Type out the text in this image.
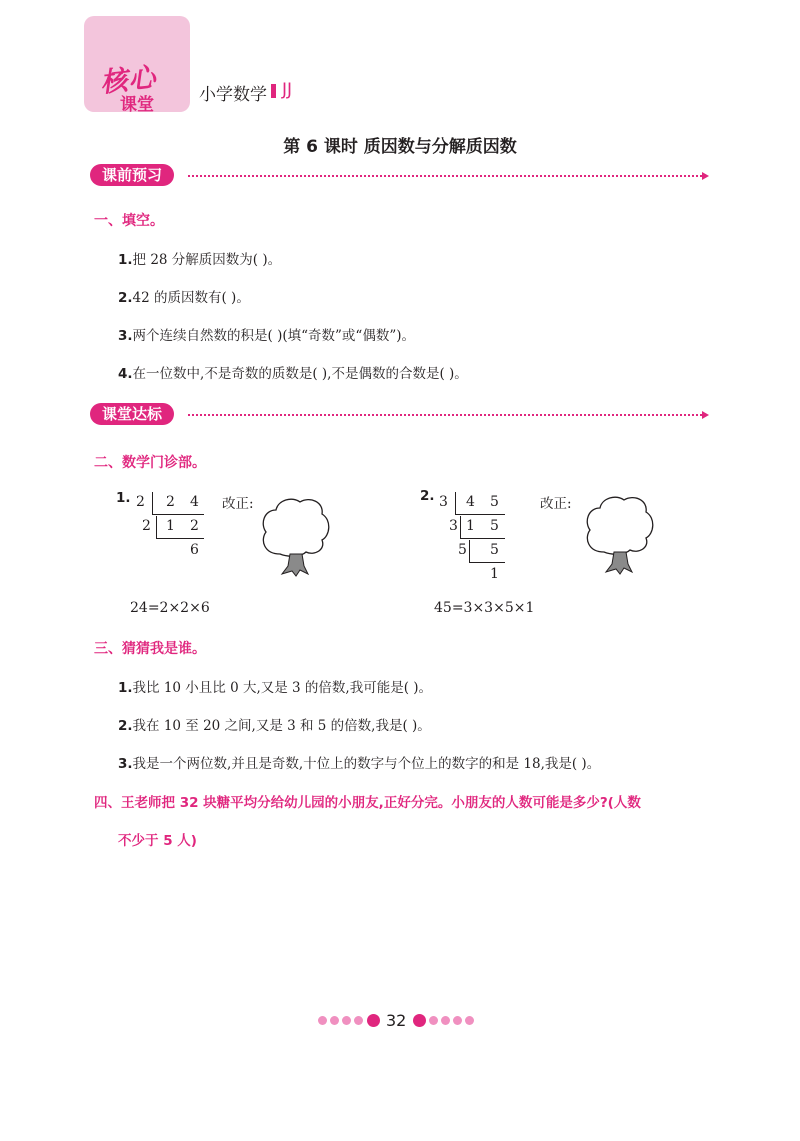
核心
课堂	小学数学 JJ
第 6 课时 质因数与分解质因数
课前预习
一、填空。
1.把 28 分解质因数为( )。
2.42 的质因数有( )。
3.两个连续自然数的积是( )(填“奇数”或“偶数”)。
4.在一位数中,不是奇数的质数是( ),不是偶数的合数是( )。
课堂达标
二、数学门诊部。
1. 2 2 4
2 1 2
6
改正:
24=2×2×6
2. 3 4 5
3 1 5
5 5
1
改正:
45=3×3×5×1
三、猜猜我是谁。
1.我比 10 小且比 0 大,又是 3 的倍数,我可能是( )。
2.我在 10 至 20 之间,又是 3 和 5 的倍数,我是( )。
3.我是一个两位数,并且是奇数,十位上的数字与个位上的数字的和是 18,我是( )。
四、王老师把 32 块糖平均分给幼儿园的小朋友,正好分完。小朋友的人数可能是多少?(人数
不少于 5 人)
32
